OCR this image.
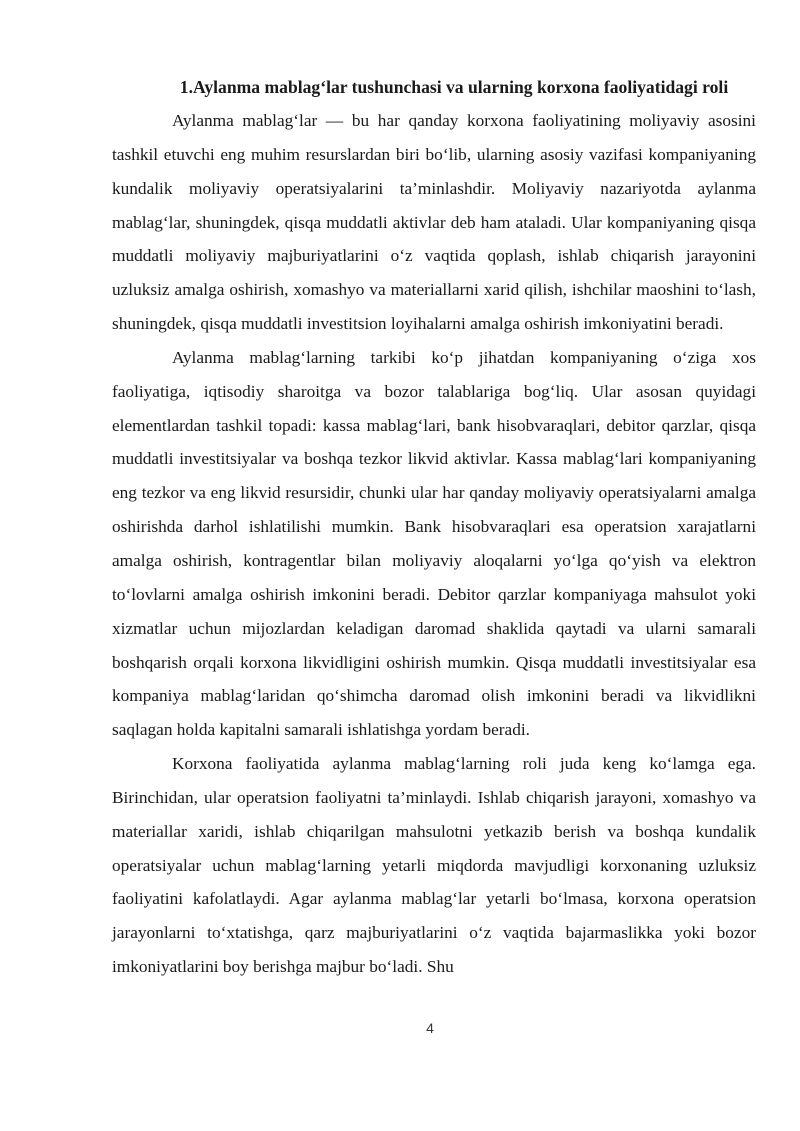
1.Aylanma mablag‘lar tushunchasi va ularning korxona faoliyatidagi roli

Aylanma mablag‘lar — bu har qanday korxona faoliyatining moliyaviy asosini tashkil etuvchi eng muhim resurslardan biri bo‘lib, ularning asosiy vazifasi kompaniyaning kundalik moliyaviy operatsiyalarini ta’minlashdir. Moliyaviy nazariyotda aylanma mablag‘lar, shuningdek, qisqa muddatli aktivlar deb ham ataladi. Ular kompaniyaning qisqa muddatli moliyaviy majburiyatlarini o‘z vaqtida qoplash, ishlab chiqarish jarayonini uzluksiz amalga oshirish, xomashyo va materiallarni xarid qilish, ishchilar maoshini to‘lash, shuningdek, qisqa muddatli investitsion loyihalarni amalga oshirish imkoniyatini beradi.

Aylanma mablag‘larning tarkibi ko‘p jihatdan kompaniyaning o‘ziga xos faoliyatiga, iqtisodiy sharoitga va bozor talablariga bog‘liq. Ular asosan quyidagi elementlardan tashkil topadi: kassa mablag‘lari, bank hisobvaraqlari, debitor qarzlar, qisqa muddatli investitsiyalar va boshqa tezkor likvid aktivlar. Kassa mablag‘lari kompaniyaning eng tezkor va eng likvid resursidir, chunki ular har qanday moliyaviy operatsiyalarni amalga oshirishda darhol ishlatilishi mumkin. Bank hisobvaraqlari esa operatsion xarajatlarni amalga oshirish, kontragentlar bilan moliyaviy aloqalarni yo‘lga qo‘yish va elektron to‘lovlarni amalga oshirish imkonini beradi. Debitor qarzlar kompaniyaga mahsulot yoki xizmatlar uchun mijozlardan keladigan daromad shaklida qaytadi va ularni samarali boshqarish orqali korxona likvidligini oshirish mumkin. Qisqa muddatli investitsiyalar esa kompaniya mablag‘laridan qo‘shimcha daromad olish imkonini beradi va likvidlikni saqlagan holda kapitalni samarali ishlatishga yordam beradi.

Korxona faoliyatida aylanma mablag‘larning roli juda keng ko‘lamga ega. Birinchidan, ular operatsion faoliyatni ta’minlaydi. Ishlab chiqarish jarayoni, xomashyo va materiallar xaridi, ishlab chiqarilgan mahsulotni yetkazib berish va boshqa kundalik operatsiyalar uchun mablag‘larning yetarli miqdorda mavjudligi korxonaning uzluksiz faoliyatini kafolatlaydi. Agar aylanma mablag‘lar yetarli bo‘lmasa, korxona operatsion jarayonlarni to‘xtatishga, qarz majburiyatlarini o‘z vaqtida bajarmaslikka yoki bozor imkoniyatlarini boy berishga majbur bo‘ladi. Shu

4
